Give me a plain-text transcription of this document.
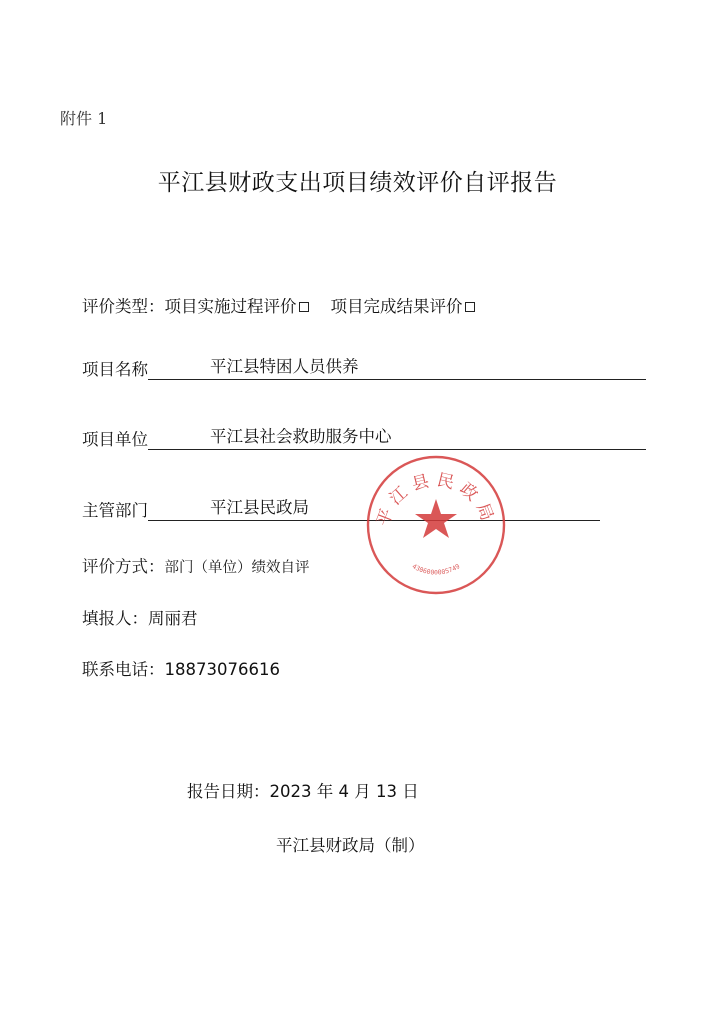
附件 1
平江县财政支出项目绩效评价自评报告
评价类型：项目实施过程评价 项目完成结果评价
项目名称	平江县特困人员供养
项目单位	平江县社会救助服务中心
主管部门	平江县民政局
评价方式：部门（单位）绩效自评
填报人：周丽君
联系电话：18873076616
报告日期：2023 年 4 月 13 日
平江县财政局（制）
平江县民政局
4306000005749
